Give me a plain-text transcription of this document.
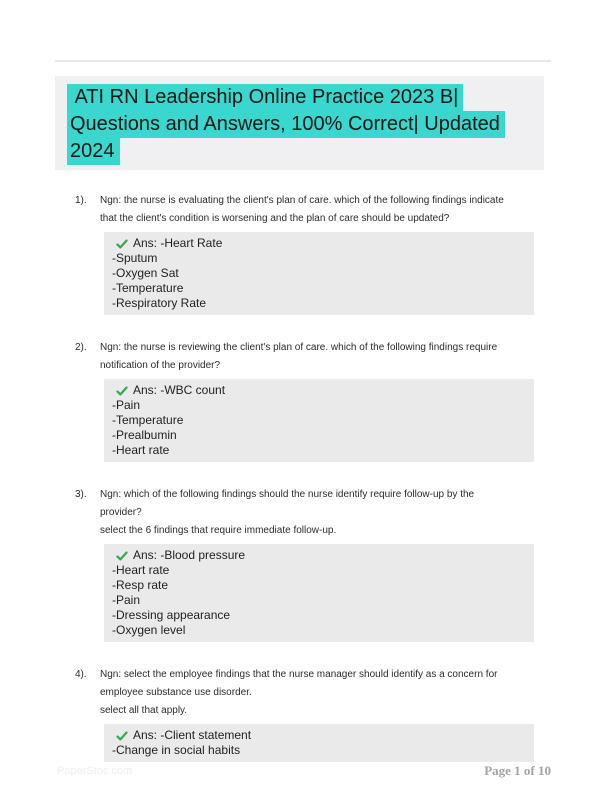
ATI RN Leadership Online Practice 2023 B|
Questions and Answers, 100% Correct| Updated
2024
1).	Ngn: the nurse is evaluating the client's plan of care. which of the following findings indicate
that the client's condition is worsening and the plan of care should be updated?
Ans: -Heart Rate
-Sputum
-Oxygen Sat
-Temperature
-Respiratory Rate
2).	Ngn: the nurse is reviewing the client's plan of care. which of the following findings require
notification of the provider?
Ans: -WBC count
-Pain
-Temperature
-Prealbumin
-Heart rate
3).	Ngn: which of the following findings should the nurse identify require follow-up by the
provider?
select the 6 findings that require immediate follow-up.
Ans: -Blood pressure
-Heart rate
-Resp rate
-Pain
-Dressing appearance
-Oxygen level
4).	Ngn: select the employee findings that the nurse manager should identify as a concern for
employee substance use disorder.
select all that apply.
Ans: -Client statement
-Change in social habits
PaperStoc.com	Page 1 of 10
